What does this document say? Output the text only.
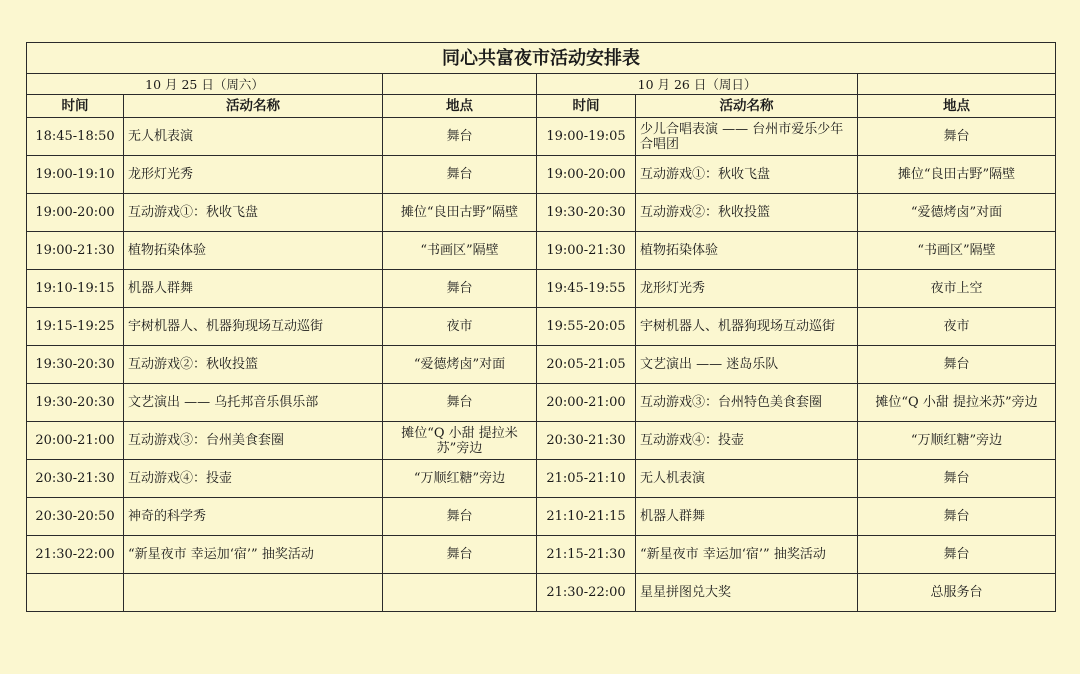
同心共富夜市活动安排表					
10 月 25 日（周六）			10 月 26 日（周日）		
时间	活动名称	地点	时间	活动名称	地点
18:45-18:50	无人机表演	舞台	19:00-19:05	少儿合唱表演 —— 台州市爱乐少年合唱团	舞台
19:00-19:10	龙形灯光秀	舞台	19:00-20:00	互动游戏①：秋收飞盘	摊位“良田古野”隔壁
19:00-20:00	互动游戏①：秋收飞盘	摊位“良田古野”隔壁	19:30-20:30	互动游戏②：秋收投篮	“爱德烤卤”对面
19:00-21:30	植物拓染体验	“书画区”隔壁	19:00-21:30	植物拓染体验	“书画区”隔壁
19:10-19:15	机器人群舞	舞台	19:45-19:55	龙形灯光秀	夜市上空
19:15-19:25	宇树机器人、机器狗现场互动巡街	夜市	19:55-20:05	宇树机器人、机器狗现场互动巡街	夜市
19:30-20:30	互动游戏②：秋收投篮	“爱德烤卤”对面	20:05-21:05	文艺演出 —— 迷岛乐队	舞台
19:30-20:30	文艺演出 —— 乌托邦音乐俱乐部	舞台	20:00-21:00	互动游戏③：台州特色美食套圈	摊位“Q 小甜 提拉米苏”旁边
20:00-21:00	互动游戏③：台州美食套圈	摊位“Q 小甜 提拉米苏”旁边	20:30-21:30	互动游戏④：投壶	“万顺红糖”旁边
20:30-21:30	互动游戏④：投壶	“万顺红糖”旁边	21:05-21:10	无人机表演	舞台
20:30-20:50	神奇的科学秀	舞台	21:10-21:15	机器人群舞	舞台
21:30-22:00	“新星夜市 幸运加‘宿’” 抽奖活动	舞台	21:15-21:30	“新星夜市 幸运加‘宿’” 抽奖活动	舞台
			21:30-22:00	星星拼图兑大奖	总服务台
